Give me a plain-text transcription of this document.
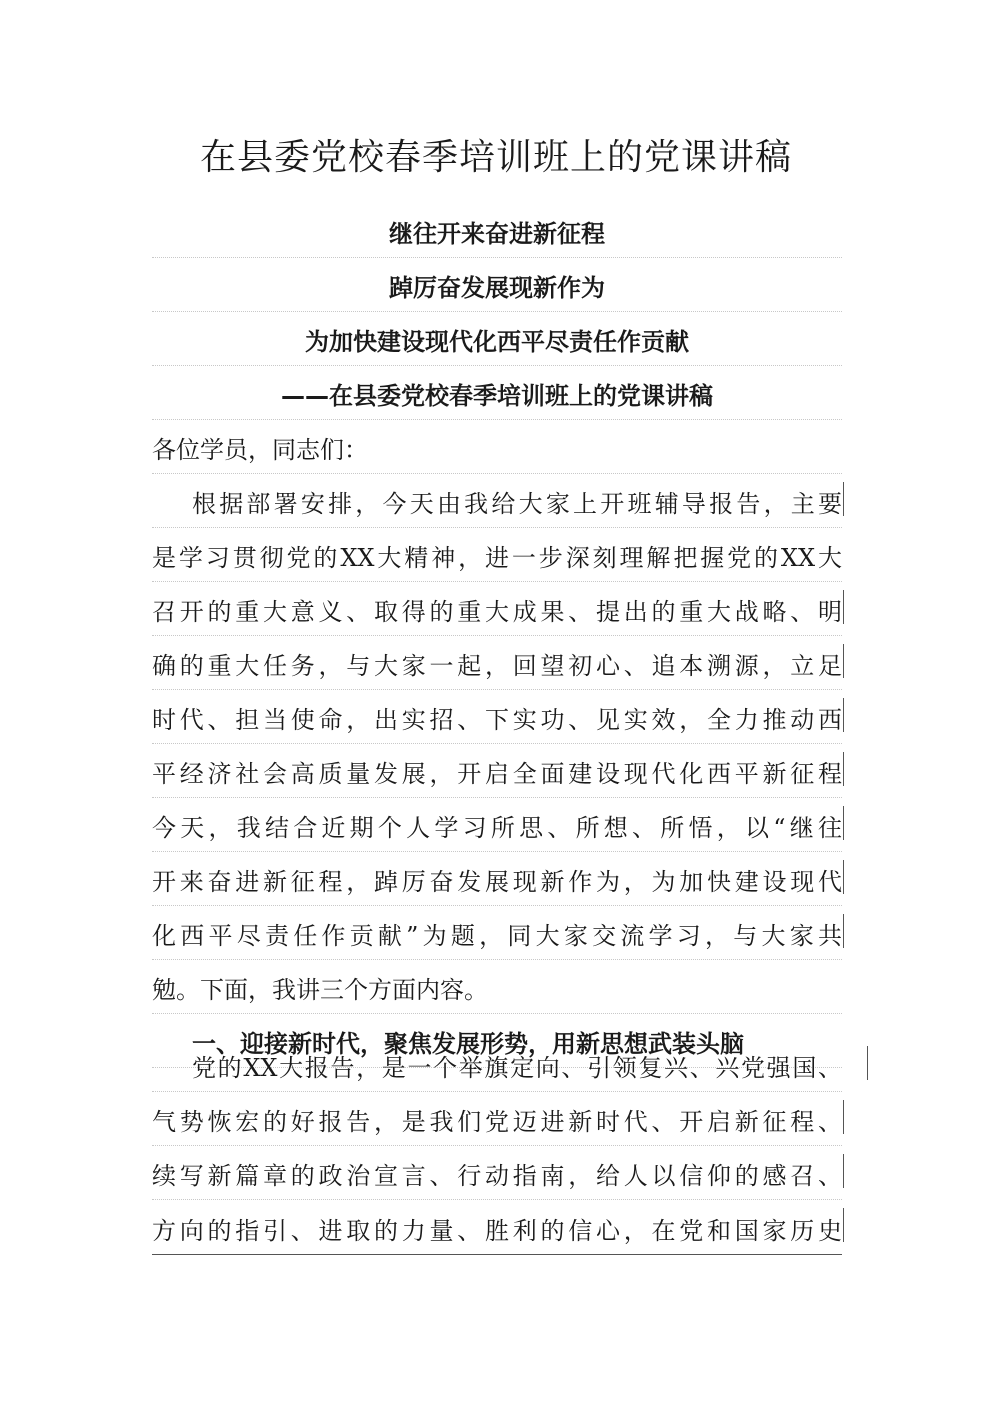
在县委党校春季培训班上的党课讲稿
继往开来奋进新征程
踔厉奋发展现新作为
为加快建设现代化西平尽责任作贡献
——在县委党校春季培训班上的党课讲稿
各位学员，同志们：
根据部署安排，今天由我给大家上开班辅导报告，主要
是学习贯彻党的XX大精神，进一步深刻理解把握党的XX大
召开的重大意义、取得的重大成果、提出的重大战略、明
确的重大任务，与大家一起，回望初心、追本溯源，立足
时代、担当使命，出实招、下实功、见实效，全力推动西
平经济社会高质量发展，开启全面建设现代化西平新征程
今天，我结合近期个人学习所思、所想、所悟，以“继往
开来奋进新征程，踔厉奋发展现新作为，为加快建设现代
化西平尽责任作贡献”为题，同大家交流学习，与大家共
勉。下面，我讲三个方面内容。
一、迎接新时代，聚焦发展形势，用新思想武装头脑
党的XX大报告，是一个举旗定向、引领复兴、兴党强国、
气势恢宏的好报告，是我们党迈进新时代、开启新征程、
续写新篇章的政治宣言、行动指南，给人以信仰的感召、
方向的指引、进取的力量、胜利的信心，在党和国家历史
